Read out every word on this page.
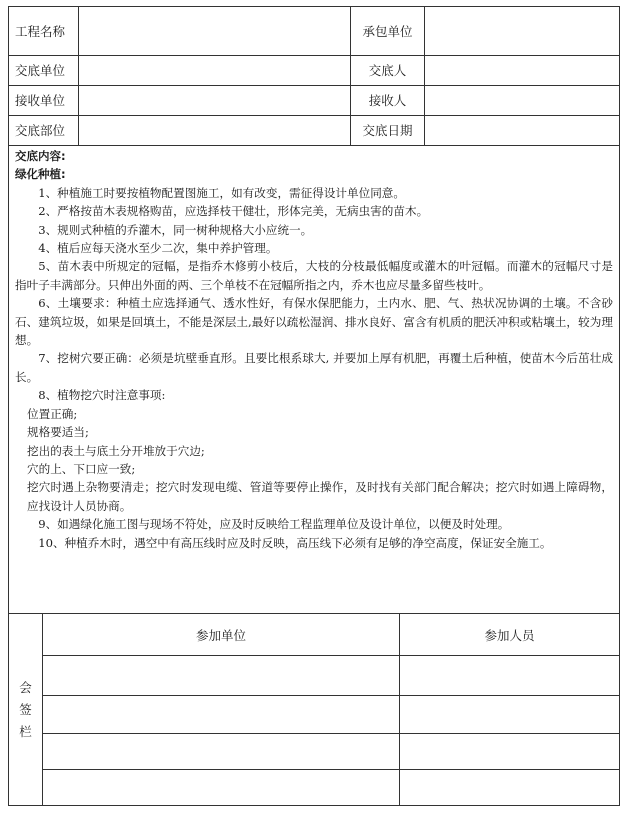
工程名称	承包单位
交底单位	交底人
接收单位	接收人
交底部位	交底日期
交底内容:
绿化种植:
1、种植施工时要按植物配置图施工，如有改变，需征得设计单位同意。
2、严格按苗木表规格购苗，应选择枝干健壮，形体完美，无病虫害的苗木。
3、规则式种植的乔灌木，同一树种规格大小应统一。
4、植后应每天浇水至少二次，集中养护管理。
5、苗木表中所规定的冠幅，是指乔木修剪小枝后，大枝的分枝最低幅度或灌木的叶冠幅。而灌木的冠幅尺寸是指叶子丰满部分。只伸出外面的两、三个单枝不在冠幅所指之内，乔木也应尽量多留些枝叶。
6、土壤要求：种植土应选择通气、透水性好，有保水保肥能力，土内水、肥、气、热状况协调的土壤。不含砂石、建筑垃圾，如果是回填土，不能是深层土,最好以疏松湿润、排水良好、富含有机质的肥沃冲积或粘壤土，较为理想。
7、挖树穴要正确：必须是坑壁垂直形。且要比根系球大, 并要加上厚有机肥，再覆土后种植，使苗木今后茁壮成长。
8、植物挖穴时注意事项:
位置正确;
规格要适当;
挖出的表土与底土分开堆放于穴边;
穴的上、下口应一致;
挖穴时遇上杂物要清走；挖穴时发现电缆、管道等要停止操作，及时找有关部门配合解决；挖穴时如遇上障碍物，应找设计人员协商。
9、如遇绿化施工图与现场不符处，应及时反映给工程监理单位及设计单位，以便及时处理。
10、种植乔木时，遇空中有高压线时应及时反映，高压线下必须有足够的净空高度，保证安全施工。
会
签
栏
参加单位	参加人员
